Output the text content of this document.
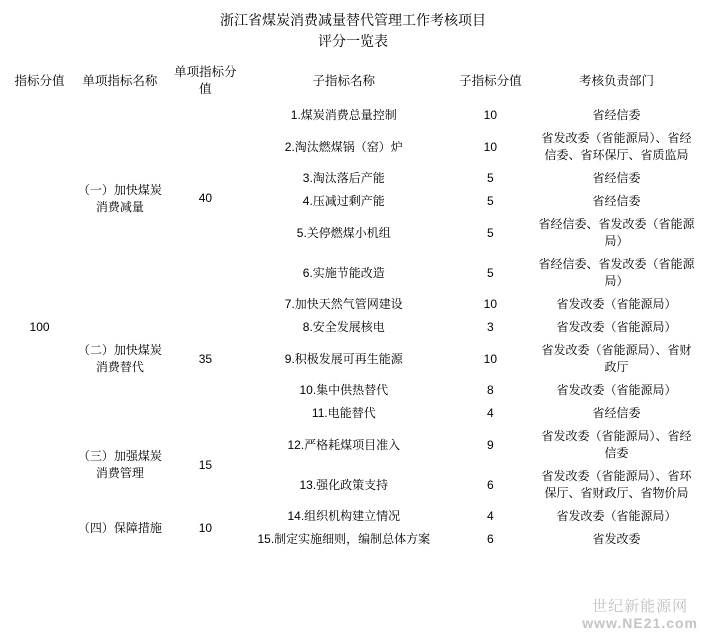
浙江省煤炭消费减量替代管理工作考核项目
评分一览表
指标分值	单项指标名称	单项指标分值	子指标名称	子指标分值	考核负责部门
100	（一）加快煤炭消费减量	40	1.煤炭消费总量控制	10	省经信委
			2.淘汰燃煤锅（窑）炉	10	省发改委（省能源局）、省经信委、省环保厅、省质监局
			3.淘汰落后产能	5	省经信委
			4.压减过剩产能	5	省经信委
			5.关停燃煤小机组	5	省经信委、省发改委（省能源局）
			6.实施节能改造	5	省经信委、省发改委（省能源局）
	（二）加快煤炭消费替代	35	7.加快天然气管网建设	10	省发改委（省能源局）
			8.安全发展核电	3	省发改委（省能源局）
			9.积极发展可再生能源	10	省发改委（省能源局）、省财政厅
			10.集中供热替代	8	省发改委（省能源局）
			11.电能替代	4	省经信委
	（三）加强煤炭消费管理	15	12.严格耗煤项目准入	9	省发改委（省能源局）、省经信委
			13.强化政策支持	6	省发改委（省能源局）、省环保厅、省财政厅、省物价局
	（四）保障措施	10	14.组织机构建立情况	4	省发改委（省能源局）
			15.制定实施细则，编制总体方案	6	省发改委
世纪新能源网
www.NE21.com
